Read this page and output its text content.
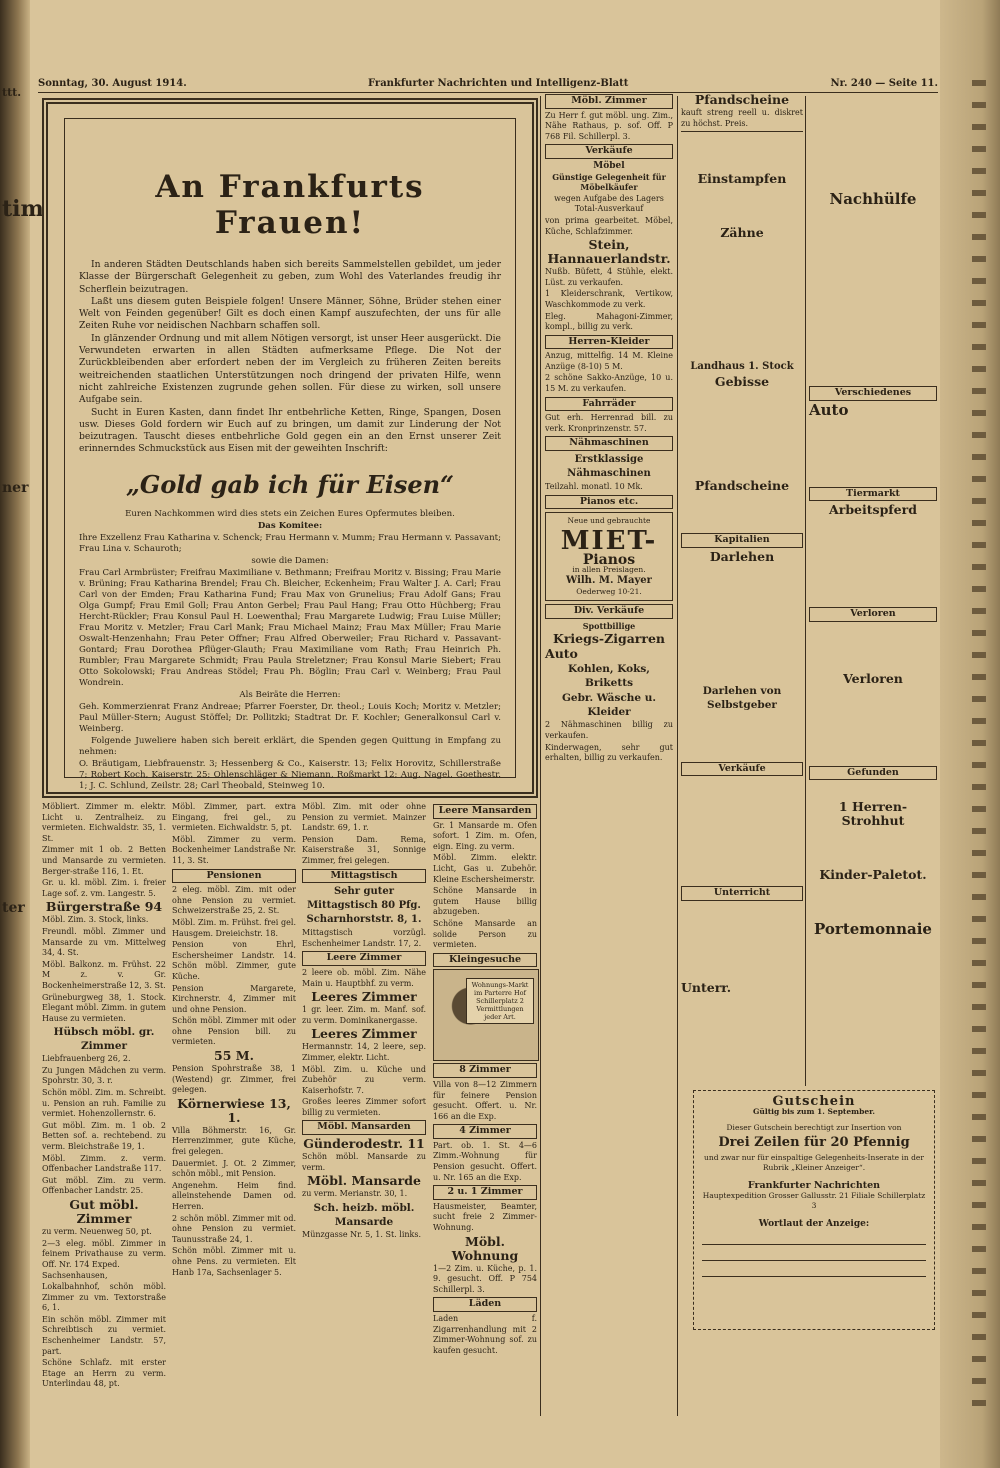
ttt.
tim
ner
ter
Sonntag, 30. August 1914.	Frankfurter Nachrichten und Intelligenz-Blatt	Nr. 240 — Seite 11.
An Frankfurts Frauen!

In anderen Städten Deutschlands haben sich bereits Sammelstellen gebildet, um jeder Klasse der Bürgerschaft Gelegenheit zu geben, zum Wohl des Vaterlandes freudig ihr Scherflein beizutragen.

Laßt uns diesem guten Beispiele folgen! Unsere Männer, Söhne, Brüder stehen einer Welt von Feinden gegenüber! Gilt es doch einen Kampf auszufechten, der uns für alle Zeiten Ruhe vor neidischen Nachbarn schaffen soll.

In glänzender Ordnung und mit allem Nötigen versorgt, ist unser Heer ausgerückt. Die Verwundeten erwarten in allen Städten aufmerksame Pflege. Die Not der Zurückbleibenden aber erfordert neben der im Vergleich zu früheren Zeiten bereits weitreichenden staatlichen Unterstützungen noch dringend der privaten Hilfe, wenn nicht zahlreiche Existenzen zugrunde gehen sollen. Für diese zu wirken, soll unsere Aufgabe sein.

Sucht in Euren Kasten, dann findet Ihr entbehrliche Ketten, Ringe, Spangen, Dosen usw. Dieses Gold fordern wir Euch auf zu bringen, um damit zur Linderung der Not beizutragen. Tauscht dieses entbehrliche Gold gegen ein an den Ernst unserer Zeit erinnerndes Schmuckstück aus Eisen mit der geweihten Inschrift:

„Gold gab ich für Eisen“

Euren Nachkommen wird dies stets ein Zeichen Eures Opfermutes bleiben.

Das Komitee:

Ihre Exzellenz Frau Katharina v. Schenck; Frau Hermann v. Mumm; Frau Hermann v. Passavant; Frau Lina v. Schauroth;

sowie die Damen:

Frau Carl Armbrüster; Freifrau Maximiliane v. Bethmann; Freifrau Moritz v. Bissing; Frau Marie v. Brüning; Frau Katharina Brendel; Frau Ch. Bleicher, Eckenheim; Frau Walter J. A. Carl; Frau Carl von der Emden; Frau Katharina Fund; Frau Max von Grunelius; Frau Adolf Gans; Frau Olga Gumpf; Frau Emil Goll; Frau Anton Gerbel; Frau Paul Hang; Frau Otto Hüchberg; Frau Hercht-Rückler; Frau Konsul Paul H. Loewenthal; Frau Margarete Ludwig; Frau Luise Müller; Frau Moritz v. Metzler; Frau Carl Mank; Frau Michael Mainz; Frau Max Müller; Frau Marie Oswalt-Henzenhahn; Frau Peter Offner; Frau Alfred Oberweiler; Frau Richard v. Passavant-Gontard; Frau Dorothea Pflüger-Glauth; Frau Maximiliane vom Rath; Frau Heinrich Ph. Rumbler; Frau Margarete Schmidt; Frau Paula Streletzner; Frau Konsul Marie Siebert; Frau Otto Sokolowski; Frau Andreas Stödel; Frau Ph. Böglin; Frau Carl v. Weinberg; Frau Paul Wondrein.

Als Beiräte die Herren:

Geh. Kommerzienrat Franz Andreae; Pfarrer Foerster, Dr. theol.; Louis Koch; Moritz v. Metzler; Paul Müller-Stern; August Stöffel; Dr. Pollitzki; Stadtrat Dr. F. Kochler; Generalkonsul Carl v. Weinberg.

Folgende Juweliere haben sich bereit erklärt, die Spenden gegen Quittung in Empfang zu nehmen:

O. Bräutigam, Liebfrauenstr. 3; Hessenberg & Co., Kaiserstr. 13; Felix Horovitz, Schillerstraße 7; Robert Koch, Kaiserstr. 25; Ohlenschläger & Niemann, Roßmarkt 12; Aug. Nagel, Goethestr. 1; J. C. Schlund, Zeilstr. 28; Carl Theobald, Steinweg 10.

Möbliert. Zimmer m. elektr. Licht u. Zentralheiz. zu vermieten. Eichwaldstr. 35, 1. St.

Zimmer mit 1 ob. 2 Betten und Mansarde zu vermieten. Berger-straße 116, 1. Et.

Gr. u. kl. möbl. Zim. i. freier Lage sof. z. vm. Langestr. 5.

Bürgerstraße 94

Möbl. Zim. 3. Stock, links.

Freundl. möbl. Zimmer und Mansarde zu vm. Mittelweg 34, 4. St.

Möbl. Balkonz. m. Frühst. 22 M z. v. Gr. Bockenheimerstraße 12, 3. St.

Grüneburgweg 38, 1. Stock. Elegant möbl. Zimm. in gutem Hause zu vermieten.

Hübsch möbl. gr. Zimmer

Liebfrauenberg 26, 2.

Zu Jungen Mädchen zu verm. Spohrstr. 30, 3. r.

Schön möbl. Zim. m. Schreibt. u. Pension an ruh. Familie zu vermiet. Hohenzollernstr. 6.

Gut möbl. Zim. m. 1 ob. 2 Betten sof. a. rechtebend. zu verm. Bleichstraße 19, 1.

Möbl. Zimm. z. verm. Offenbacher Landstraße 117.

Gut möbl. Zim. zu verm. Offenbacher Landstr. 25.

Gut möbl. Zimmer

zu verm. Neuenweg 50, pt.

2—3 eleg. möbl. Zimmer in feinem Privathause zu verm. Off. Nr. 174 Exped.

Sachsenhausen, Lokalbahnhof, schön möbl. Zimmer zu vm. Textorstraße 6, 1.

Ein schön möbl. Zimmer mit Schreibtisch zu vermiet. Eschenheimer Landstr. 57, part.

Schöne Schlafz. mit erster Etage an Herrn zu verm. Unterlindau 48, pt.

Möbl. Zimmer, part. extra Eingang, frei gel., zu vermieten. Eichwaldstr. 5, pt.

Möbl. Zimmer zu verm. Bockenheimer Landstraße Nr. 11, 3. St.

Pensionen

2 eleg. möbl. Zim. mit oder ohne Pension zu vermiet. Schweizerstraße 25, 2. St.

Möbl. Zim. m. Frühst. frei gel. Hausgem. Dreieichstr. 18.

Pension von Ehrl, Eschersheimer Landstr. 14. Schön möbl. Zimmer, gute Küche.

Pension Margarete, Kirchnerstr. 4, Zimmer mit und ohne Pension.

Schön möbl. Zimmer mit oder ohne Pension bill. zu vermieten.

55 M.

Pension Spohrstraße 38, 1 (Westend) gr. Zimmer, frei gelegen.

Körnerwiese 13, 1.

Villa Böhmerstr. 16, Gr. Herrenzimmer, gute Küche, frei gelegen.

Dauermiet. J. Ot. 2 Zimmer, schön möbl., mit Pension.

Angenehm. Heim find. alleinstehende Damen od. Herren.

2 schön möbl. Zimmer mit od. ohne Pension zu vermiet. Taunusstraße 24, 1.

Schön möbl. Zimmer mit u. ohne Pens. zu vermieten. Elt Hanb 17a, Sachsenlager 5.

Möbl. Zim. mit oder ohne Pension zu vermiet. Mainzer Landstr. 69, 1. r.

Pension Dam. Rema, Kaiserstraße 31, Sonnige Zimmer, frei gelegen.

Mittagstisch
Sehr guter Mittagstisch 80 Pfg. Scharnhorststr. 8, 1.

Mittagstisch vorzügl. Eschenheimer Landstr. 17, 2.

Leere Zimmer

2 leere ob. möbl. Zim. Nähe Main u. Hauptbhf. zu verm.

Leeres Zimmer

1 gr. leer. Zim. m. Manf. sof. zu verm. Dominikanergasse.

Leeres Zimmer

Hermannstr. 14, 2 leere, sep. Zimmer, elektr. Licht.

Möbl. Zim. u. Küche und Zubehör zu verm. Kaiserhofstr. 7.

Großes leeres Zimmer sofort billig zu vermieten.

Möbl. Mansarden
Günderodestr. 11

Schön möbl. Mansarde zu verm.

Möbl. Mansarde

zu verm. Merianstr. 30, 1.

Sch. heizb. möbl. Mansarde

Münzgasse Nr. 5, 1. St. links.

Leere Mansarden

Gr. 1 Mansarde m. Ofen sofort. 1 Zim. m. Ofen, eign. Eing. zu verm.

Möbl. Zimm. elektr. Licht, Gas u. Zubehör. Kleine Eschersheimerstr.

Schöne Mansarde in gutem Hause billig abzugeben.

Schöne Mansarde an solide Person zu vermieten.

Kleingesuche
Wohnungs-Markt im Parterre Hof Schillerplatz 2 Vermittlungen jeder Art.
8 Zimmer

Villa von 8—12 Zimmern für feinere Pension gesucht. Offert. u. Nr. 166 an die Exp.

4 Zimmer

Part. ob. 1. St. 4—6 Zimm.-Wohnung für Pension gesucht. Offert. u. Nr. 165 an die Exp.

2 u. 1 Zimmer

Hausmeister, Beamter, sucht freie 2 Zimmer-Wohnung.

Möbl. Wohnung

1—2 Zim. u. Küche, p. 1. 9. gesucht. Off. P 754 Schillerpl. 3.

Läden

Laden f. Zigarrenhandlung mit 2 Zimmer-Wohnung sof. zu kaufen gesucht.

Möbl. Zimmer

Zu Herr f. gut möbl. ung. Zim., Nähe Rathaus, p. sof. Off. P 768 Fil. Schillerpl. 3.

Verkäufe
Möbel

Günstige Gelegenheit für Möbelkäufer

wegen Aufgabe des Lagers Total-Ausverkauf

von prima gearbeitet. Möbel, Küche, Schlafzimmer.

Stein, Hannauerlandstr.

Nußb. Büfett, 4 Stühle, elekt. Lüst. zu verkaufen.

1 Kleiderschrank, Vertikow, Waschkommode zu verk.

Eleg. Mahagoni-Zimmer, kompl., billig zu verk.

Herren-Kleider

Anzug, mittelfig. 14 M. Kleine Anzüge (8-10) 5 M.

2 schöne Sakko-Anzüge, 10 u. 15 M. zu verkaufen.

Fahrräder

Gut erh. Herrenrad bill. zu verk. Kronprinzenstr. 57.

Nähmaschinen
Erstklassige Nähmaschinen

Teilzahl. monatl. 10 Mk.

Pianos etc.
Neue und gebrauchte
MIET-
Pianos
in allen Preislagen.
Wilh. M. Mayer
Oederweg 10-21.
Div. Verkäufe
Spottbillige
Kriegs-Zigarren
Auto
Kohlen, Koks, Briketts
Gebr. Wäsche u. Kleider

2 Nähmaschinen billig zu verkaufen.

Kinderwagen, sehr gut erhalten, billig zu verkaufen.

Pfandscheine

kauft streng reell u. diskret zu höchst. Preis.

Einstampfen
Zähne
Landhaus 1. Stock
Gebisse
Pfandscheine
Kapitalien
Darlehen
Darlehen von Selbstgeber
Verkäufe
Unterricht
Unterr.
Nachhülfe
Verschiedenes
Auto
Tiermarkt
Arbeitspferd
Verloren
Verloren
Gefunden
1 Herren-Strohhut
Kinder-Paletot.
Portemonnaie
Gutschein
Gültig bis zum 1. September.
Dieser Gutschein berechtigt zur Insertion von
Drei Zeilen für 20 Pfennig
und zwar nur für einspaltige Gelegenheits-Inserate in der Rubrik „Kleiner Anzeiger“.
Frankfurter Nachrichten
Hauptexpedition Grosser Gallusstr. 21 Filiale Schillerplatz 3
Wortlaut der Anzeige:
